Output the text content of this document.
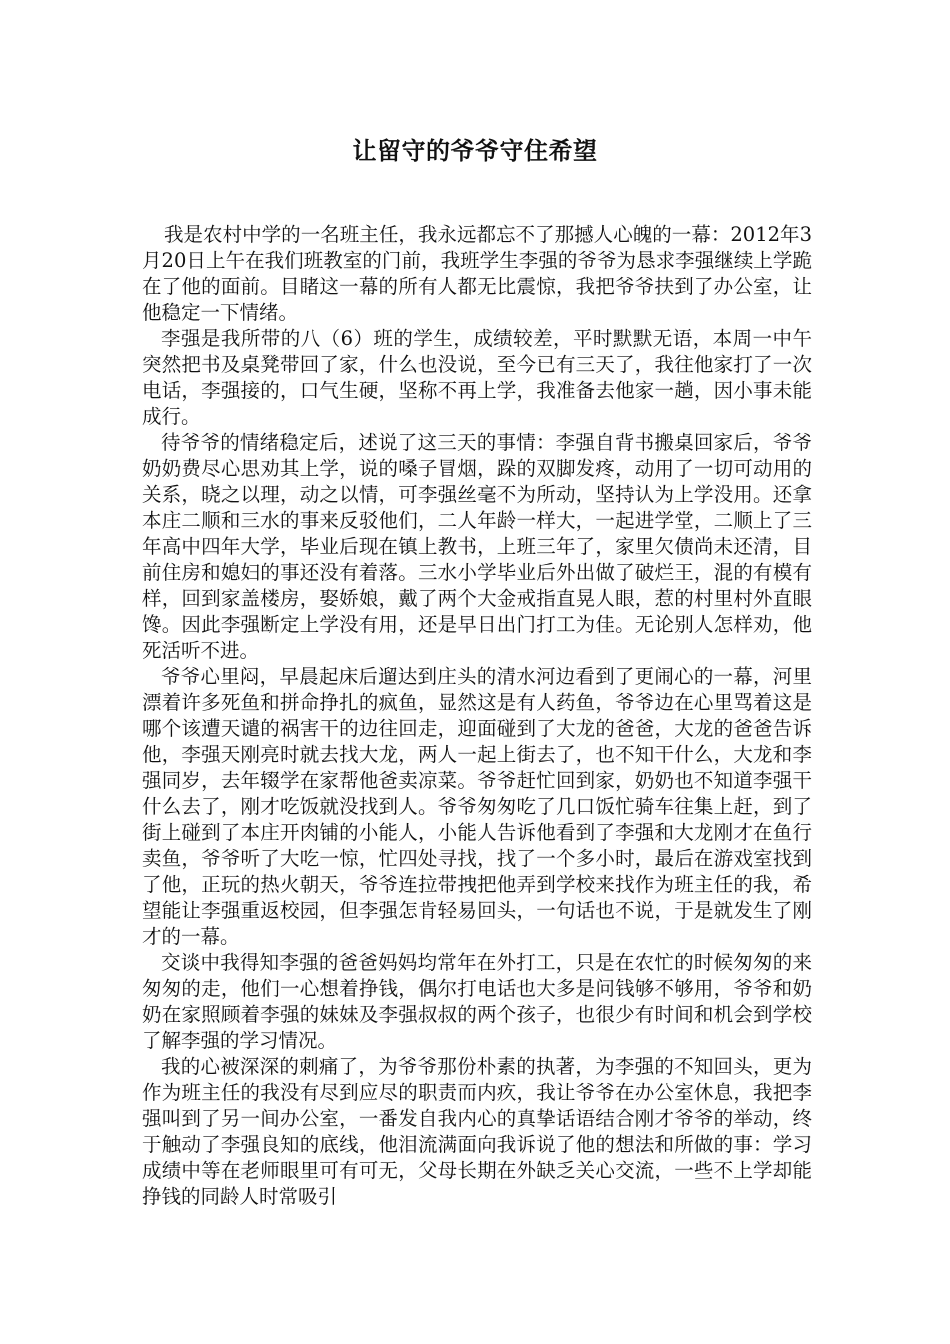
让留守的爷爷守住希望

我是农村中学的一名班主任，我永远都忘不了那撼人心魄的一幕：2012年3月20日上午在我们班教室的门前，我班学生李强的爷爷为恳求李强继续上学跪在了他的面前。目睹这一幕的所有人都无比震惊，我把爷爷扶到了办公室，让他稳定一下情绪。

李强是我所带的八（6）班的学生，成绩较差，平时默默无语，本周一中午突然把书及桌凳带回了家，什么也没说，至今已有三天了，我往他家打了一次电话，李强接的，口气生硬，坚称不再上学，我准备去他家一趟，因小事未能成行。

待爷爷的情绪稳定后，述说了这三天的事情：李强自背书搬桌回家后，爷爷奶奶费尽心思劝其上学，说的嗓子冒烟，跺的双脚发疼，动用了一切可动用的关系，晓之以理，动之以情，可李强丝毫不为所动，坚持认为上学没用。还拿本庄二顺和三水的事来反驳他们，二人年龄一样大，一起进学堂，二顺上了三年高中四年大学，毕业后现在镇上教书，上班三年了，家里欠债尚未还清，目前住房和媳妇的事还没有着落。三水小学毕业后外出做了破烂王，混的有模有样，回到家盖楼房，娶娇娘，戴了两个大金戒指直晃人眼，惹的村里村外直眼馋。因此李强断定上学没有用，还是早日出门打工为佳。无论别人怎样劝，他死活听不进。

爷爷心里闷，早晨起床后遛达到庄头的清水河边看到了更闹心的一幕，河里漂着许多死鱼和拼命挣扎的疯鱼，显然这是有人药鱼，爷爷边在心里骂着这是哪个该遭天谴的祸害干的边往回走，迎面碰到了大龙的爸爸，大龙的爸爸告诉他，李强天刚亮时就去找大龙，两人一起上街去了，也不知干什么，大龙和李强同岁，去年辍学在家帮他爸卖凉菜。爷爷赶忙回到家，奶奶也不知道李强干什么去了，刚才吃饭就没找到人。爷爷匆匆吃了几口饭忙骑车往集上赶，到了街上碰到了本庄开肉铺的小能人，小能人告诉他看到了李强和大龙刚才在鱼行卖鱼，爷爷听了大吃一惊，忙四处寻找，找了一个多小时，最后在游戏室找到了他，正玩的热火朝天，爷爷连拉带拽把他弄到学校来找作为班主任的我，希望能让李强重返校园，但李强怎肯轻易回头，一句话也不说，于是就发生了刚才的一幕。

交谈中我得知李强的爸爸妈妈均常年在外打工，只是在农忙的时候匆匆的来匆匆的走，他们一心想着挣钱，偶尔打电话也大多是问钱够不够用，爷爷和奶奶在家照顾着李强的妹妹及李强叔叔的两个孩子，也很少有时间和机会到学校了解李强的学习情况。

我的心被深深的刺痛了，为爷爷那份朴素的执著，为李强的不知回头，更为作为班主任的我没有尽到应尽的职责而内疚，我让爷爷在办公室休息，我把李强叫到了另一间办公室，一番发自我内心的真挚话语结合刚才爷爷的举动，终于触动了李强良知的底线，他泪流满面向我诉说了他的想法和所做的事：学习成绩中等在老师眼里可有可无，父母长期在外缺乏关心交流，一些不上学却能挣钱的同龄人时常吸引
